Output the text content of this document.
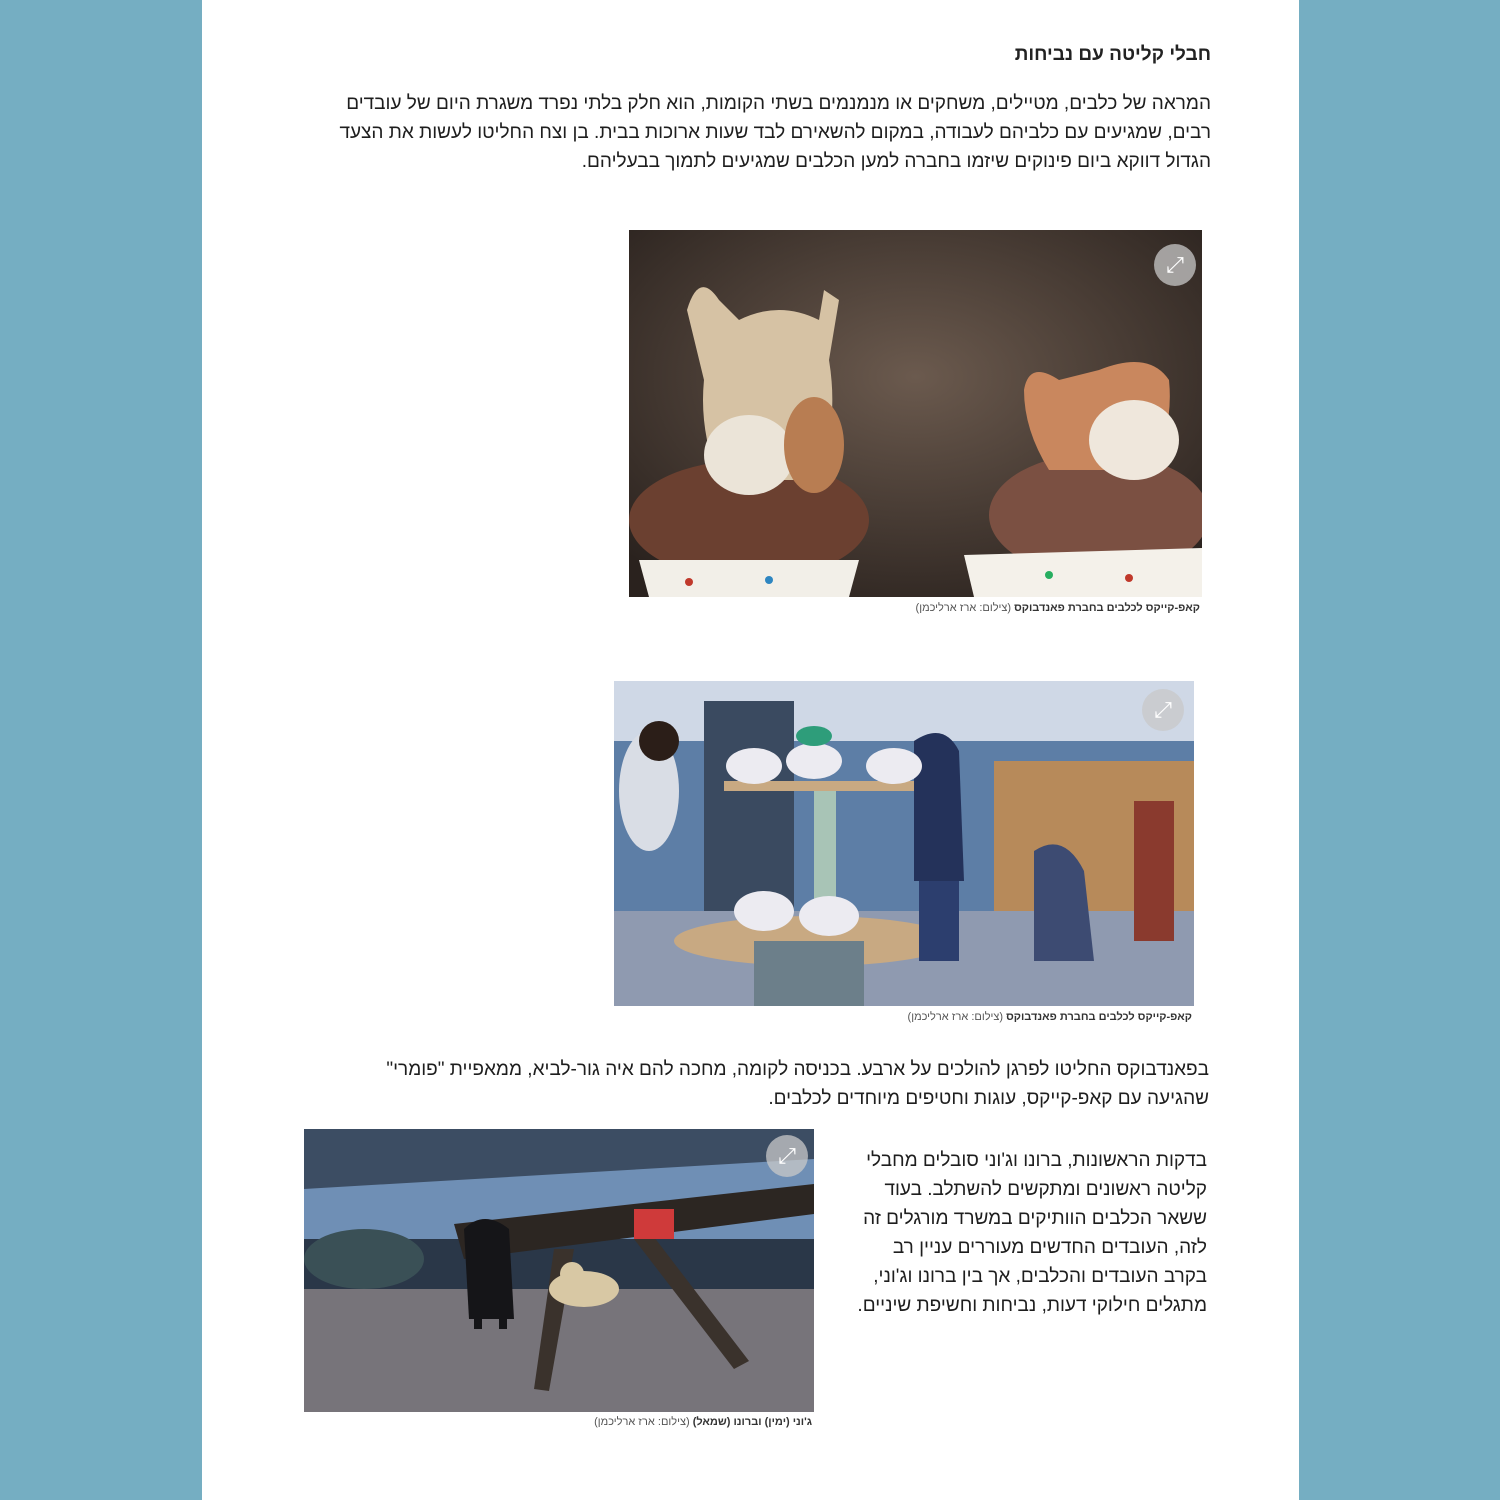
חבלי קליטה עם נביחות
המראה של כלבים, מטיילים, משחקים או מנמנמים בשתי הקומות, הוא חלק בלתי נפרד משגרת היום של עובדים רבים, שמגיעים עם כלביהם לעבודה, במקום להשאירם לבד שעות ארוכות בבית. בן וצח החליטו לעשות את הצעד הגדול דווקא ביום פינוקים שיזמו בחברה למען הכלבים שמגיעים לתמוך בבעליהם.
⤢
קאפ-קייקס לכלבים בחברת פאנדבוקס (צילום: ארז ארליכמן)
⤢
קאפ-קייקס לכלבים בחברת פאנדבוקס (צילום: ארז ארליכמן)
בפאנדבוקס החליטו לפרגן להולכים על ארבע. בכניסה לקומה, מחכה להם איה גור-לביא, ממאפיית "פומרי" שהגיעה עם קאפ-קייקס, עוגות וחטיפים מיוחדים לכלבים.
⤢
ג'וני (ימין) וברונו (שמאל) (צילום: ארז ארליכמן)
בדקות הראשונות, ברונו וג'וני סובלים מחבלי קליטה ראשונים ומתקשים להשתלב. בעוד ששאר הכלבים הוותיקים במשרד מורגלים זה לזה, העובדים החדשים מעוררים עניין רב בקרב העובדים והכלבים, אך בין ברונו וג'וני, מתגלים חילוקי דעות, נביחות וחשיפת שיניים.
